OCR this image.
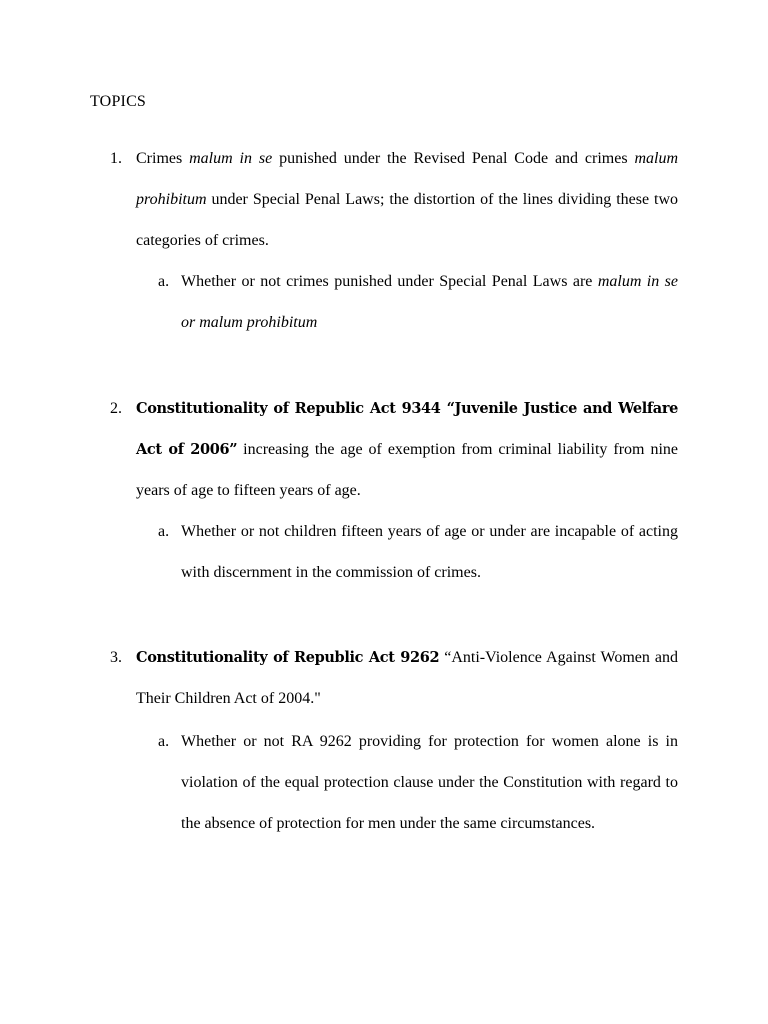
TOPICS
1. Crimes malum in se punished under the Revised Penal Code and crimes malum prohibitum under Special Penal Laws; the distortion of the lines dividing these two categories of crimes.
a. Whether or not crimes punished under Special Penal Laws are malum in se or malum prohibitum
2. Constitutionality of Republic Act 9344 “Juvenile Justice and Welfare Act of 2006” increasing the age of exemption from criminal liability from nine years of age to fifteen years of age.
a. Whether or not children fifteen years of age or under are incapable of acting with discernment in the commission of crimes.
3. Constitutionality of Republic Act 9262 “Anti-Violence Against Women and Their Children Act of 2004."
a. Whether or not RA 9262 providing for protection for women alone is in violation of the equal protection clause under the Constitution with regard to the absence of protection for men under the same circumstances.
